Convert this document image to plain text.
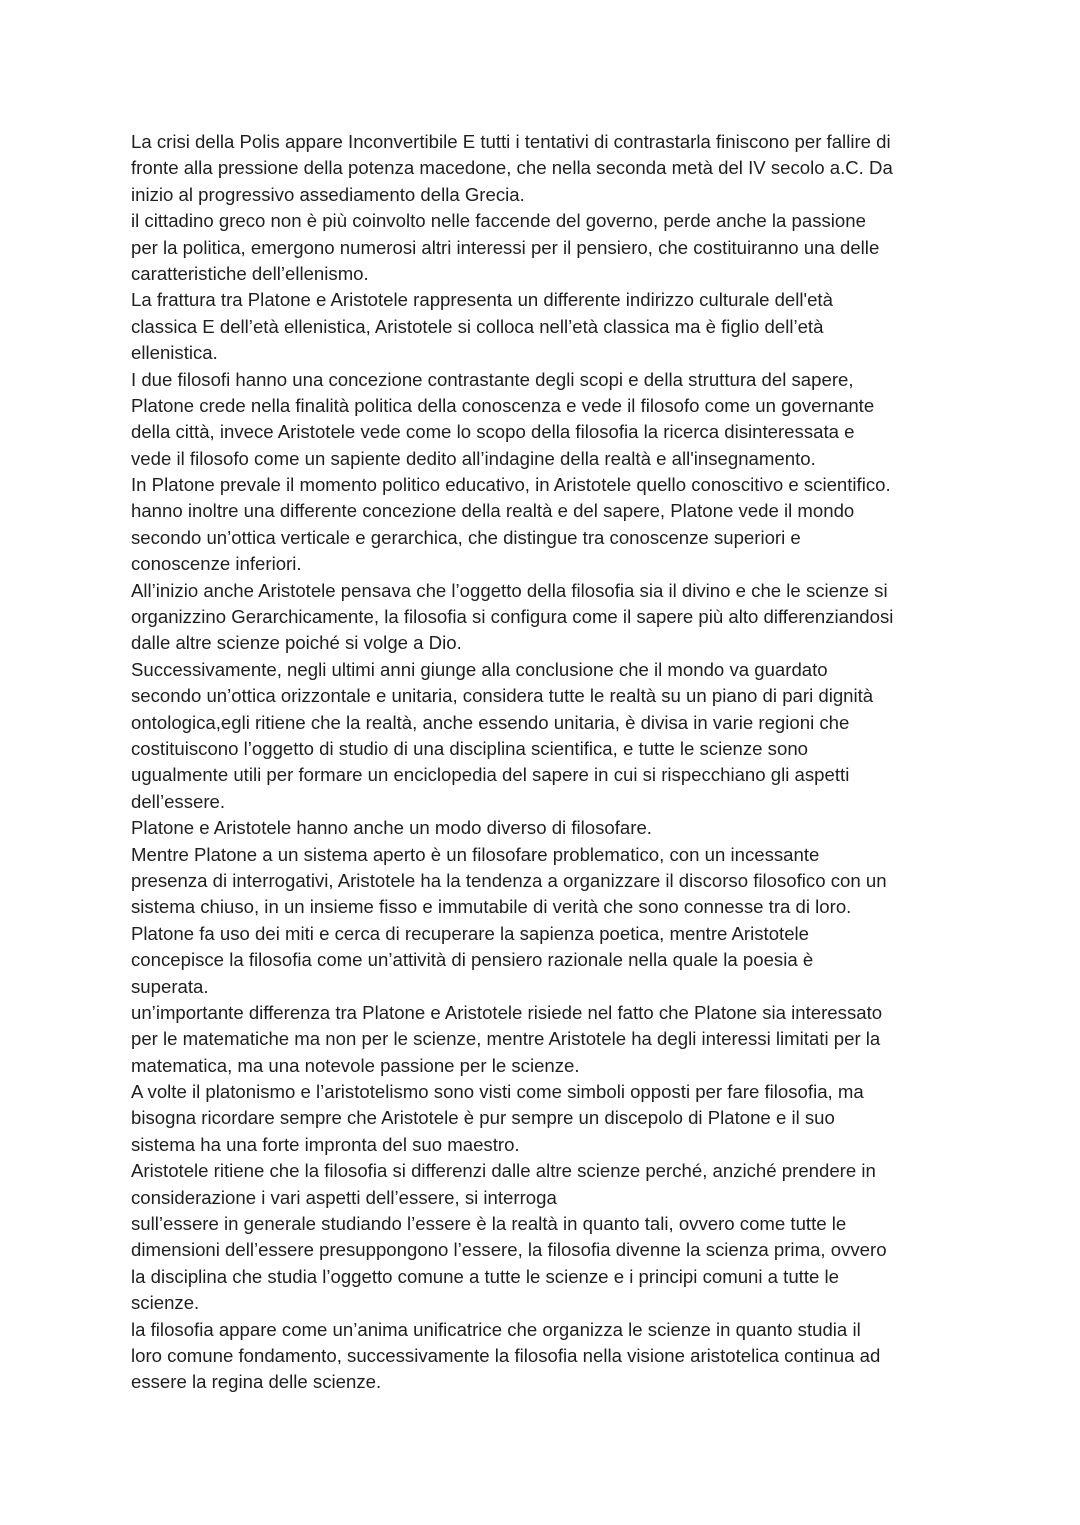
La crisi della Polis appare Inconvertibile E tutti i tentativi di contrastarla finiscono per fallire di
fronte alla pressione della potenza macedone, che nella seconda metà del IV secolo a.C. Da
inizio al progressivo assediamento della Grecia.
il cittadino greco non è più coinvolto nelle faccende del governo, perde anche la passione
per la politica, emergono numerosi altri interessi per il pensiero, che costituiranno una delle
caratteristiche dell’ellenismo.
La frattura tra Platone e Aristotele rappresenta un differente indirizzo culturale dell'età
classica E dell’età ellenistica, Aristotele si colloca nell’età classica ma è figlio dell’età
ellenistica.
I due filosofi hanno una concezione contrastante degli scopi e della struttura del sapere,
Platone crede nella finalità politica della conoscenza e vede il filosofo come un governante
della città, invece Aristotele vede come lo scopo della filosofia la ricerca disinteressata e
vede il filosofo come un sapiente dedito all’indagine della realtà e all'insegnamento.
In Platone prevale il momento politico educativo, in Aristotele quello conoscitivo e scientifico.
hanno inoltre una differente concezione della realtà e del sapere, Platone vede il mondo
secondo un’ottica verticale e gerarchica, che distingue tra conoscenze superiori e
conoscenze inferiori.
All’inizio anche Aristotele pensava che l’oggetto della filosofia sia il divino e che le scienze si
organizzino Gerarchicamente, la filosofia si configura come il sapere più alto differenziandosi
dalle altre scienze poiché si volge a Dio.
Successivamente, negli ultimi anni giunge alla conclusione che il mondo va guardato
secondo un’ottica orizzontale e unitaria, considera tutte le realtà su un piano di pari dignità
ontologica,egli ritiene che la realtà, anche essendo unitaria, è divisa in varie regioni che
costituiscono l’oggetto di studio di una disciplina scientifica, e tutte le scienze sono
ugualmente utili per formare un enciclopedia del sapere in cui si rispecchiano gli aspetti
dell’essere.
Platone e Aristotele hanno anche un modo diverso di filosofare.
Mentre Platone a un sistema aperto è un filosofare problematico, con un incessante
presenza di interrogativi, Aristotele ha la tendenza a organizzare il discorso filosofico con un
sistema chiuso, in un insieme fisso e immutabile di verità che sono connesse tra di loro.
Platone fa uso dei miti e cerca di recuperare la sapienza poetica, mentre Aristotele
concepisce la filosofia come un’attività di pensiero razionale nella quale la poesia è
superata.
un’importante differenza tra Platone e Aristotele risiede nel fatto che Platone sia interessato
per le matematiche ma non per le scienze, mentre Aristotele ha degli interessi limitati per la
matematica, ma una notevole passione per le scienze.
A volte il platonismo e l’aristotelismo sono visti come simboli opposti per fare filosofia, ma
bisogna ricordare sempre che Aristotele è pur sempre un discepolo di Platone e il suo
sistema ha una forte impronta del suo maestro.
Aristotele ritiene che la filosofia si differenzi dalle altre scienze perché, anziché prendere in
considerazione i vari aspetti dell’essere, si interroga
sull’essere in generale studiando l’essere è la realtà in quanto tali, ovvero come tutte le
dimensioni dell’essere presuppongono l’essere, la filosofia divenne la scienza prima, ovvero
la disciplina che studia l’oggetto comune a tutte le scienze e i principi comuni a tutte le
scienze.
la filosofia appare come un’anima unificatrice che organizza le scienze in quanto studia il
loro comune fondamento, successivamente la filosofia nella visione aristotelica continua ad
essere la regina delle scienze.
